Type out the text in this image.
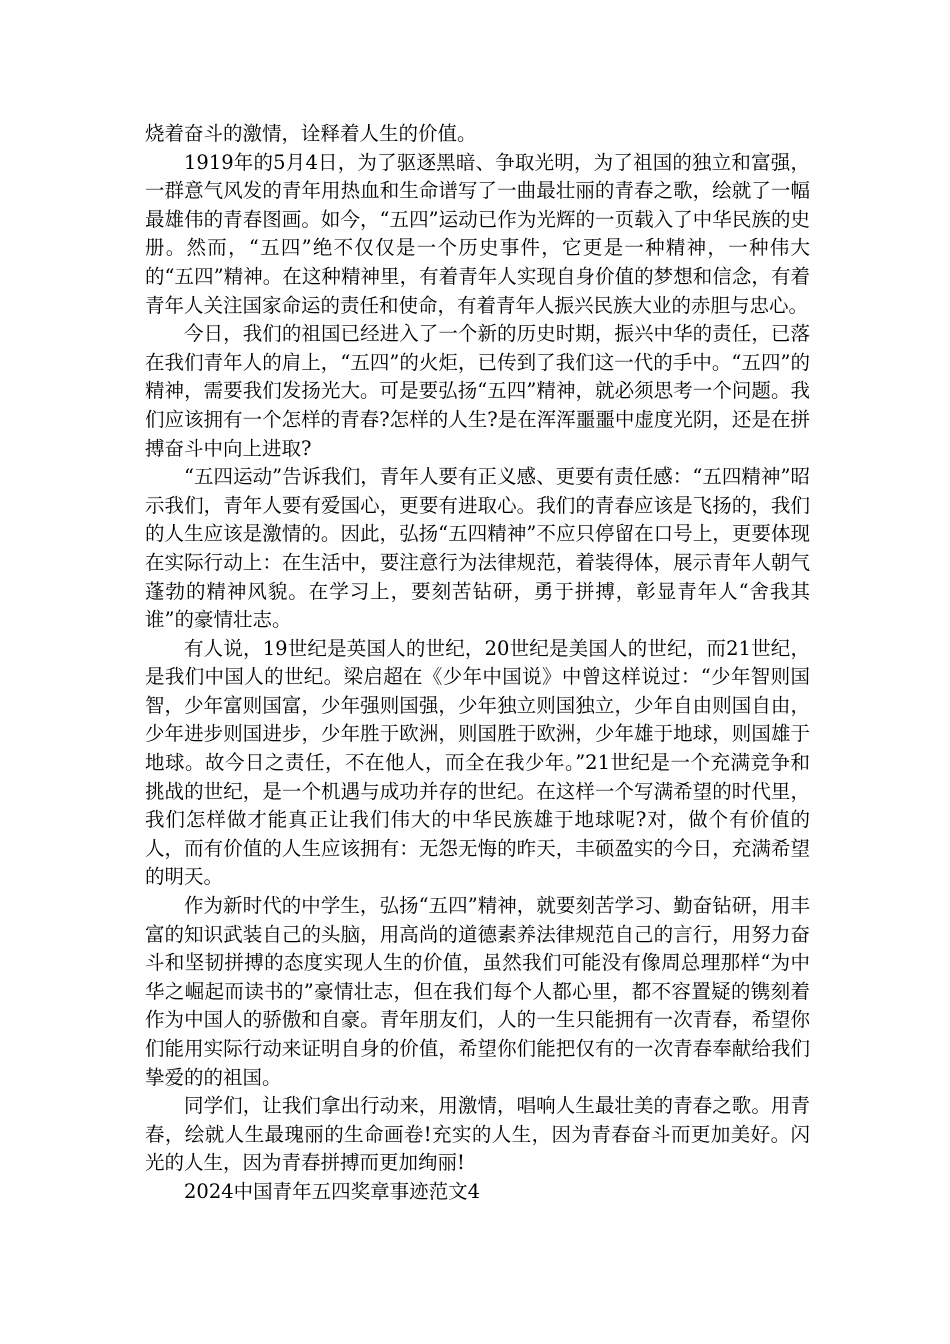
烧着奋斗的激情，诠释着人生的价值。

1919年的5月4日，为了驱逐黑暗、争取光明，为了祖国的独立和富强，一群意气风发的青年用热血和生命谱写了一曲最壮丽的青春之歌，绘就了一幅最雄伟的青春图画。如今，“五四”运动已作为光辉的一页载入了中华民族的史册。然而，“五四”绝不仅仅是一个历史事件，它更是一种精神，一种伟大的“五四”精神。在这种精神里，有着青年人实现自身价值的梦想和信念，有着青年人关注国家命运的责任和使命，有着青年人振兴民族大业的赤胆与忠心。

今日，我们的祖国已经进入了一个新的历史时期，振兴中华的责任，已落在我们青年人的肩上，“五四”的火炬，已传到了我们这一代的手中。“五四”的精神，需要我们发扬光大。可是要弘扬“五四”精神，就必须思考一个问题。我们应该拥有一个怎样的青春?怎样的人生?是在浑浑噩噩中虚度光阴，还是在拼搏奋斗中向上进取?

“五四运动”告诉我们，青年人要有正义感、更要有责任感：“五四精神”昭示我们，青年人要有爱国心，更要有进取心。我们的青春应该是飞扬的，我们的人生应该是激情的。因此，弘扬“五四精神”不应只停留在口号上，更要体现在实际行动上：在生活中，要注意行为法律规范，着装得体，展示青年人朝气蓬勃的精神风貌。在学习上，要刻苦钻研，勇于拼搏，彰显青年人“舍我其谁”的豪情壮志。

有人说，19世纪是英国人的世纪，20世纪是美国人的世纪，而21世纪，是我们中国人的世纪。梁启超在《少年中国说》中曾这样说过：“少年智则国智，少年富则国富，少年强则国强，少年独立则国独立，少年自由则国自由，少年进步则国进步，少年胜于欧洲，则国胜于欧洲，少年雄于地球，则国雄于地球。故今日之责任，不在他人，而全在我少年。”21世纪是一个充满竞争和挑战的世纪，是一个机遇与成功并存的世纪。在这样一个写满希望的时代里，我们怎样做才能真正让我们伟大的中华民族雄于地球呢?对，做个有价值的人，而有价值的人生应该拥有：无怨无悔的昨天，丰硕盈实的今日，充满希望的明天。

作为新时代的中学生，弘扬“五四”精神，就要刻苦学习、勤奋钻研，用丰富的知识武装自己的头脑，用高尚的道德素养法律规范自己的言行，用努力奋斗和坚韧拼搏的态度实现人生的价值，虽然我们可能没有像周总理那样“为中华之崛起而读书的”豪情壮志，但在我们每个人都心里，都不容置疑的镌刻着作为中国人的骄傲和自豪。青年朋友们，人的一生只能拥有一次青春，希望你们能用实际行动来证明自身的价值，希望你们能把仅有的一次青春奉献给我们挚爱的的祖国。

同学们，让我们拿出行动来，用激情，唱响人生最壮美的青春之歌。用青春，绘就人生最瑰丽的生命画卷!充实的人生，因为青春奋斗而更加美好。闪光的人生，因为青春拼搏而更加绚丽!

2024中国青年五四奖章事迹范文4
